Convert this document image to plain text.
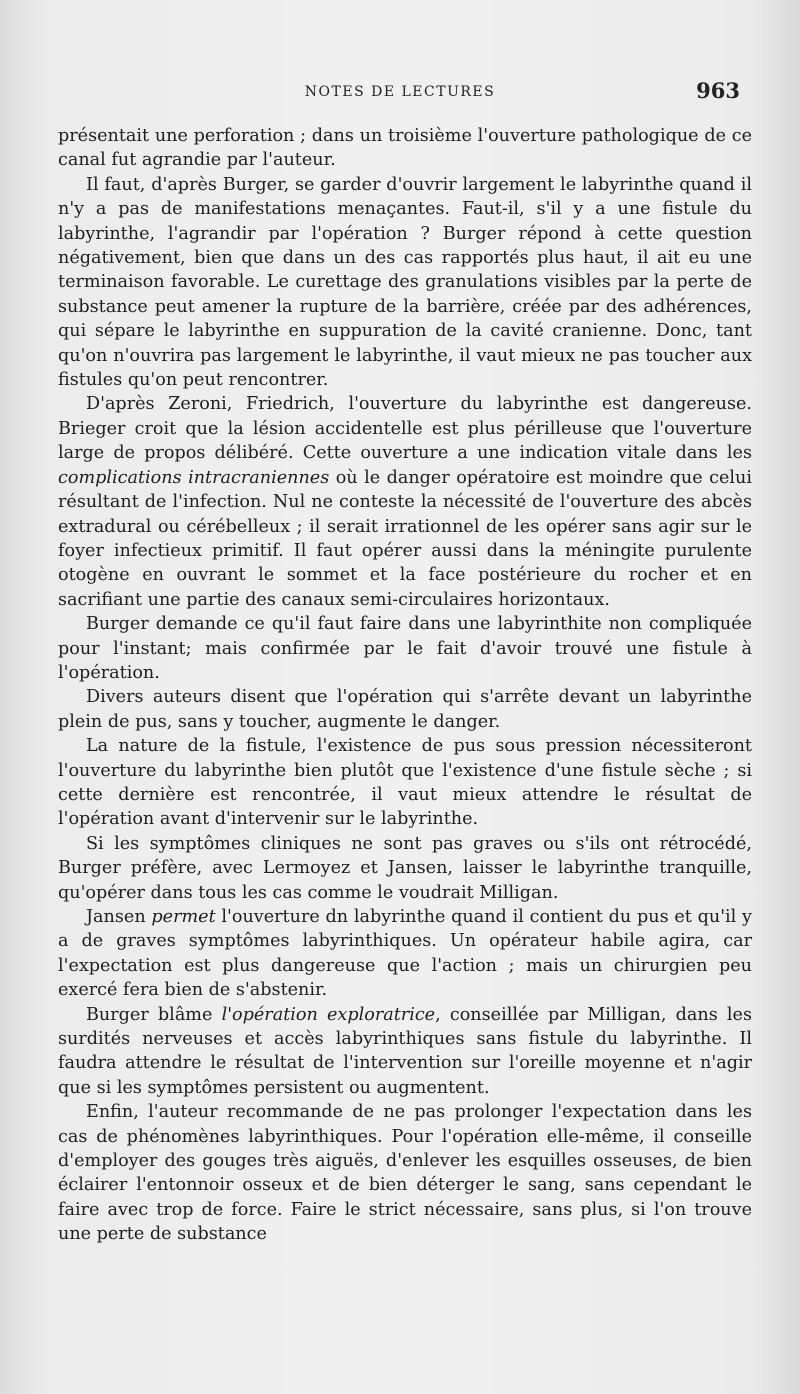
NOTES DE LECTURES	963

présentait une perforation ; dans un troisième l'ouverture pathologique de ce canal fut agrandie par l'auteur.

Il faut, d'après Burger, se garder d'ouvrir largement le labyrinthe quand il n'y a pas de manifestations menaçantes. Faut-il, s'il y a une fistule du labyrinthe, l'agrandir par l'opération ? Burger répond à cette question négativement, bien que dans un des cas rapportés plus haut, il ait eu une terminaison favorable. Le curettage des granulations visibles par la perte de substance peut amener la rupture de la barrière, créée par des adhérences, qui sépare le labyrinthe en suppuration de la cavité cranienne. Donc, tant qu'on n'ouvrira pas largement le labyrinthe, il vaut mieux ne pas toucher aux fistules qu'on peut rencontrer.

D'après Zeroni, Friedrich, l'ouverture du labyrinthe est dangereuse. Brieger croit que la lésion accidentelle est plus périlleuse que l'ouverture large de propos délibéré. Cette ouverture a une indication vitale dans les complications intracraniennes où le danger opératoire est moindre que celui résultant de l'infection. Nul ne conteste la nécessité de l'ouverture des abcès extradural ou cérébelleux ; il serait irrationnel de les opérer sans agir sur le foyer infectieux primitif. Il faut opérer aussi dans la méningite purulente otogène en ouvrant le sommet et la face postérieure du rocher et en sacrifiant une partie des canaux semi-circulaires horizontaux.

Burger demande ce qu'il faut faire dans une labyrinthite non compliquée pour l'instant; mais confirmée par le fait d'avoir trouvé une fistule à l'opération.

Divers auteurs disent que l'opération qui s'arrête devant un labyrinthe plein de pus, sans y toucher, augmente le danger.

La nature de la fistule, l'existence de pus sous pression nécessiteront l'ouverture du labyrinthe bien plutôt que l'existence d'une fistule sèche ; si cette dernière est rencontrée, il vaut mieux attendre le résultat de l'opération avant d'intervenir sur le labyrinthe.

Si les symptômes cliniques ne sont pas graves ou s'ils ont rétrocédé, Burger préfère, avec Lermoyez et Jansen, laisser le labyrinthe tranquille, qu'opérer dans tous les cas comme le voudrait Milligan.

Jansen permet l'ouverture dn labyrinthe quand il contient du pus et qu'il y a de graves symptômes labyrinthiques. Un opérateur habile agira, car l'expectation est plus dangereuse que l'action ; mais un chirurgien peu exercé fera bien de s'abstenir.

Burger blâme l'opération exploratrice, conseillée par Milligan, dans les surdités nerveuses et accès labyrinthiques sans fistule du labyrinthe. Il faudra attendre le résultat de l'intervention sur l'oreille moyenne et n'agir que si les symptômes persistent ou augmentent.

Enfin, l'auteur recommande de ne pas prolonger l'expectation dans les cas de phénomènes labyrinthiques. Pour l'opération elle-même, il conseille d'employer des gouges très aiguës, d'enlever les esquilles osseuses, de bien éclairer l'entonnoir osseux et de bien déterger le sang, sans cependant le faire avec trop de force. Faire le strict nécessaire, sans plus, si l'on trouve une perte de substance
